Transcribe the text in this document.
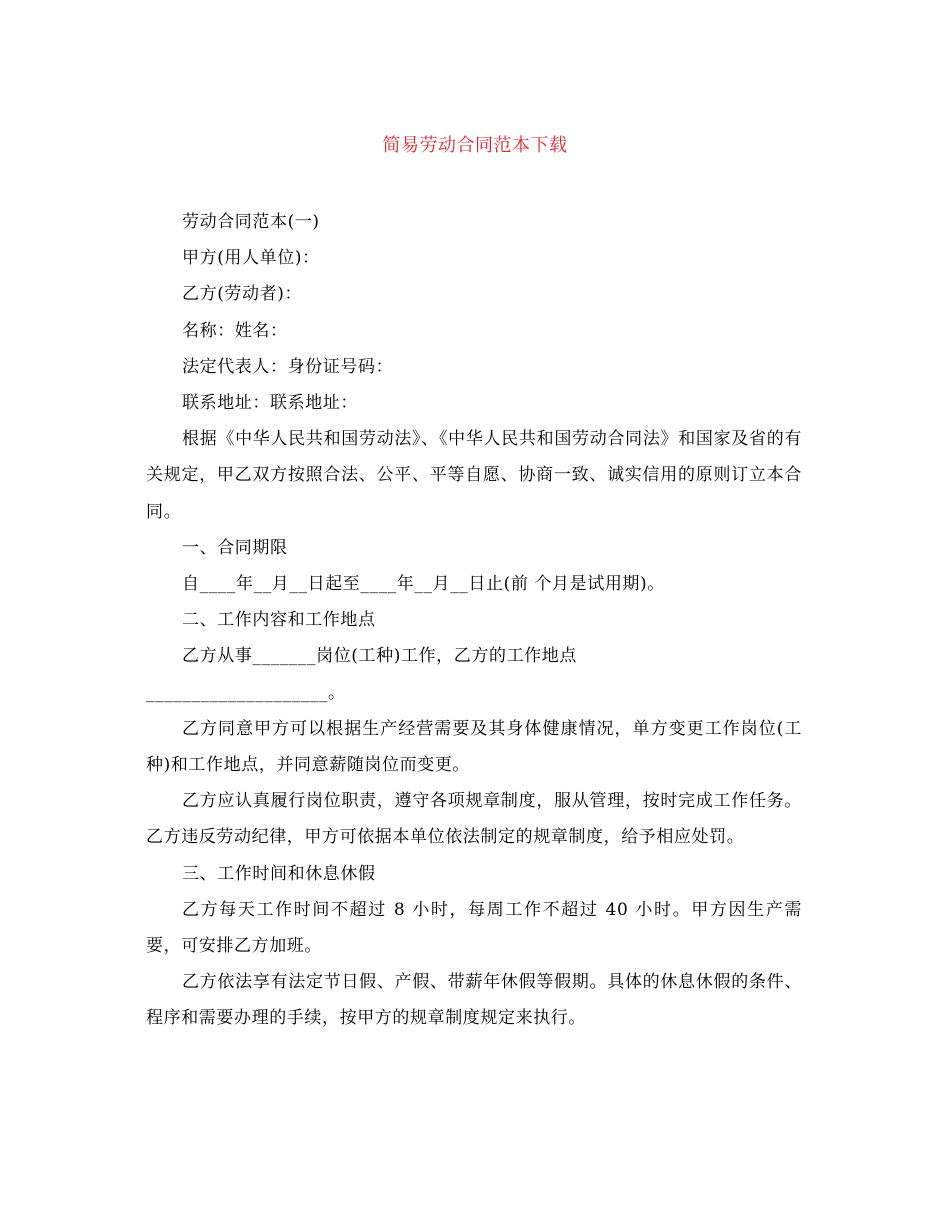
简易劳动合同范本下载

劳动合同范本(一)

甲方(用人单位)：

乙方(劳动者)：

名称：姓名：

法定代表人：身份证号码：

联系地址：联系地址：

根据《中华人民共和国劳动法》、《中华人民共和国劳动合同法》和国家及省的有关规定，甲乙双方按照合法、公平、平等自愿、协商一致、诚实信用的原则订立本合同。

一、合同期限

自____年__月__日起至____年__月__日止(前 个月是试用期)。

二、工作内容和工作地点

乙方从事_______岗位(工种)工作，乙方的工作地点

____________________。

乙方同意甲方可以根据生产经营需要及其身体健康情况，单方变更工作岗位(工种)和工作地点，并同意薪随岗位而变更。

乙方应认真履行岗位职责，遵守各项规章制度，服从管理，按时完成工作任务。乙方违反劳动纪律，甲方可依据本单位依法制定的规章制度，给予相应处罚。

三、工作时间和休息休假

乙方每天工作时间不超过 8 小时，每周工作不超过 40 小时。甲方因生产需要，可安排乙方加班。

乙方依法享有法定节日假、产假、带薪年休假等假期。具体的休息休假的条件、程序和需要办理的手续，按甲方的规章制度规定来执行。
